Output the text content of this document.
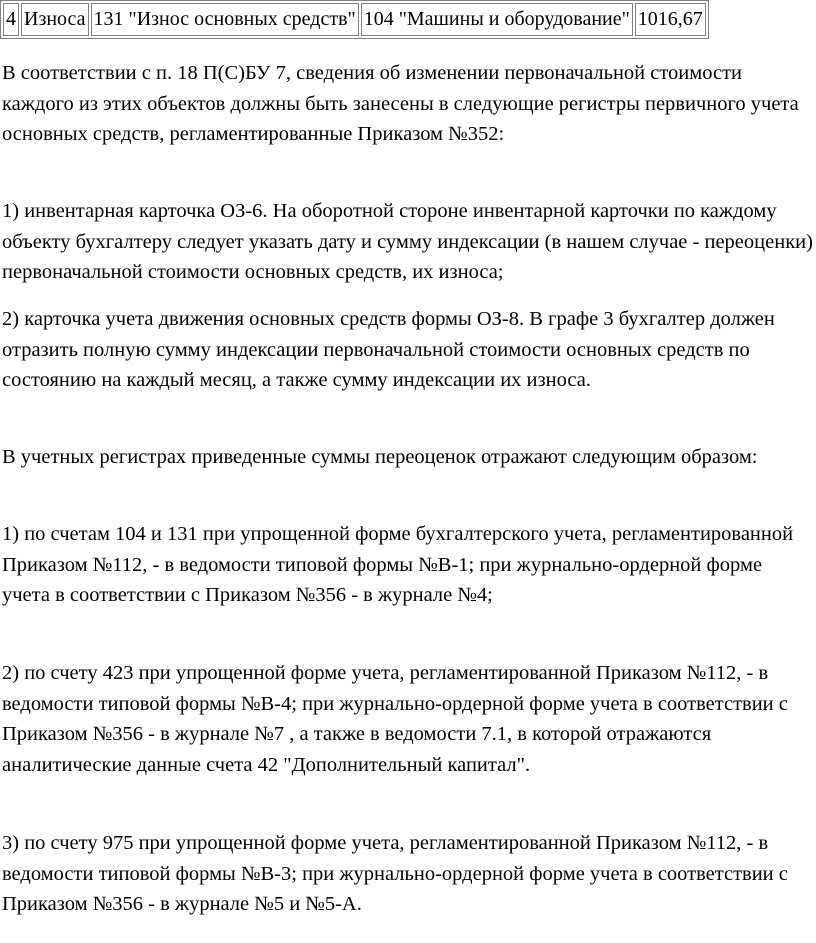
4	Износа	131 "Износ основных средств"	104 "Машины и оборудование"	1016,67

В соответствии с п. 18 П(С)БУ 7, сведения об изменении первоначальной стоимости каждого из этих объектов должны быть занесены в следующие регистры первичного учета основных средств, регламентированные Приказом №352:

1) инвентарная карточка ОЗ-6. На оборотной стороне инвентарной карточки по каждому объекту бухгалтеру следует указать дату и сумму индексации (в нашем случае - переоценки) первоначальной стоимости основных средств, их износа;

2) карточка учета движения основных средств формы ОЗ-8. В графе 3 бухгалтер должен отразить полную сумму индексации первоначальной стоимости основных средств по состоянию на каждый месяц, а также сумму индексации их износа.

В учетных регистрах приведенные суммы переоценок отражают следующим образом:

1) по счетам 104 и 131 при упрощенной форме бухгалтерского учета, регламентированной Приказом №112, - в ведомости типовой формы №В-1; при журнально-ордерной форме учета в соответствии с Приказом №356 - в журнале №4;

2) по счету 423 при упрощенной форме учета, регламентированной Приказом №112, - в ведомости типовой формы №В-4; при журнально-ордерной форме учета в соответствии с Приказом №356 - в журнале №7 , а также в ведомости 7.1, в которой отражаются аналитические данные счета 42 "Дополнительный капитал".

3) по счету 975 при упрощенной форме учета, регламентированной Приказом №112, - в ведомости типовой формы №В-3; при журнально-ордерной форме учета в соответствии с Приказом №356 - в журнале №5 и №5-А.
